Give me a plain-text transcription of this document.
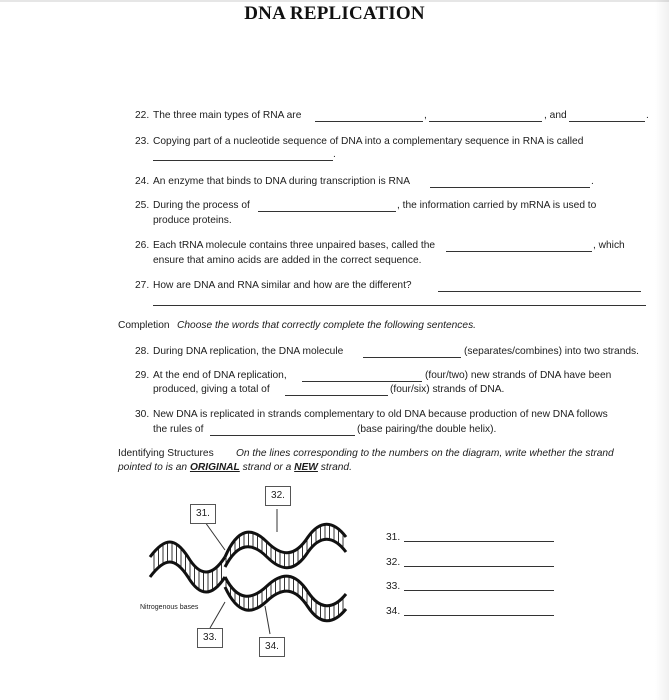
DNA REPLICATION
22. The three main types of RNA are	,	, and	.
23. Copying part of a nucleotide sequence of DNA into a complementary sequence in RNA is called
.
24. An enzyme that binds to DNA during transcription is RNA	.
25. During the process of	, the information carried by mRNA is used to
produce proteins.
26. Each tRNA molecule contains three unpaired bases, called the	, which
ensure that amino acids are added in the correct sequence.
27. How are DNA and RNA similar and how are the different?
Completion Choose the words that correctly complete the following sentences.
28. During DNA replication, the DNA molecule	(separates/combines) into two strands.
29. At the end of DNA replication,	(four/two) new strands of DNA have been
produced, giving a total of	(four/six) strands of DNA.
30. New DNA is replicated in strands complementary to old DNA because production of new DNA follows
the rules of	(base pairing/the double helix).
Identifying Structures On the lines corresponding to the numbers on the diagram, write whether the strand
pointed to is an ORIGINAL strand or a NEW strand.
32.
31.
33.
34.
Nitrogenous bases
31.
32.
33.
34.
